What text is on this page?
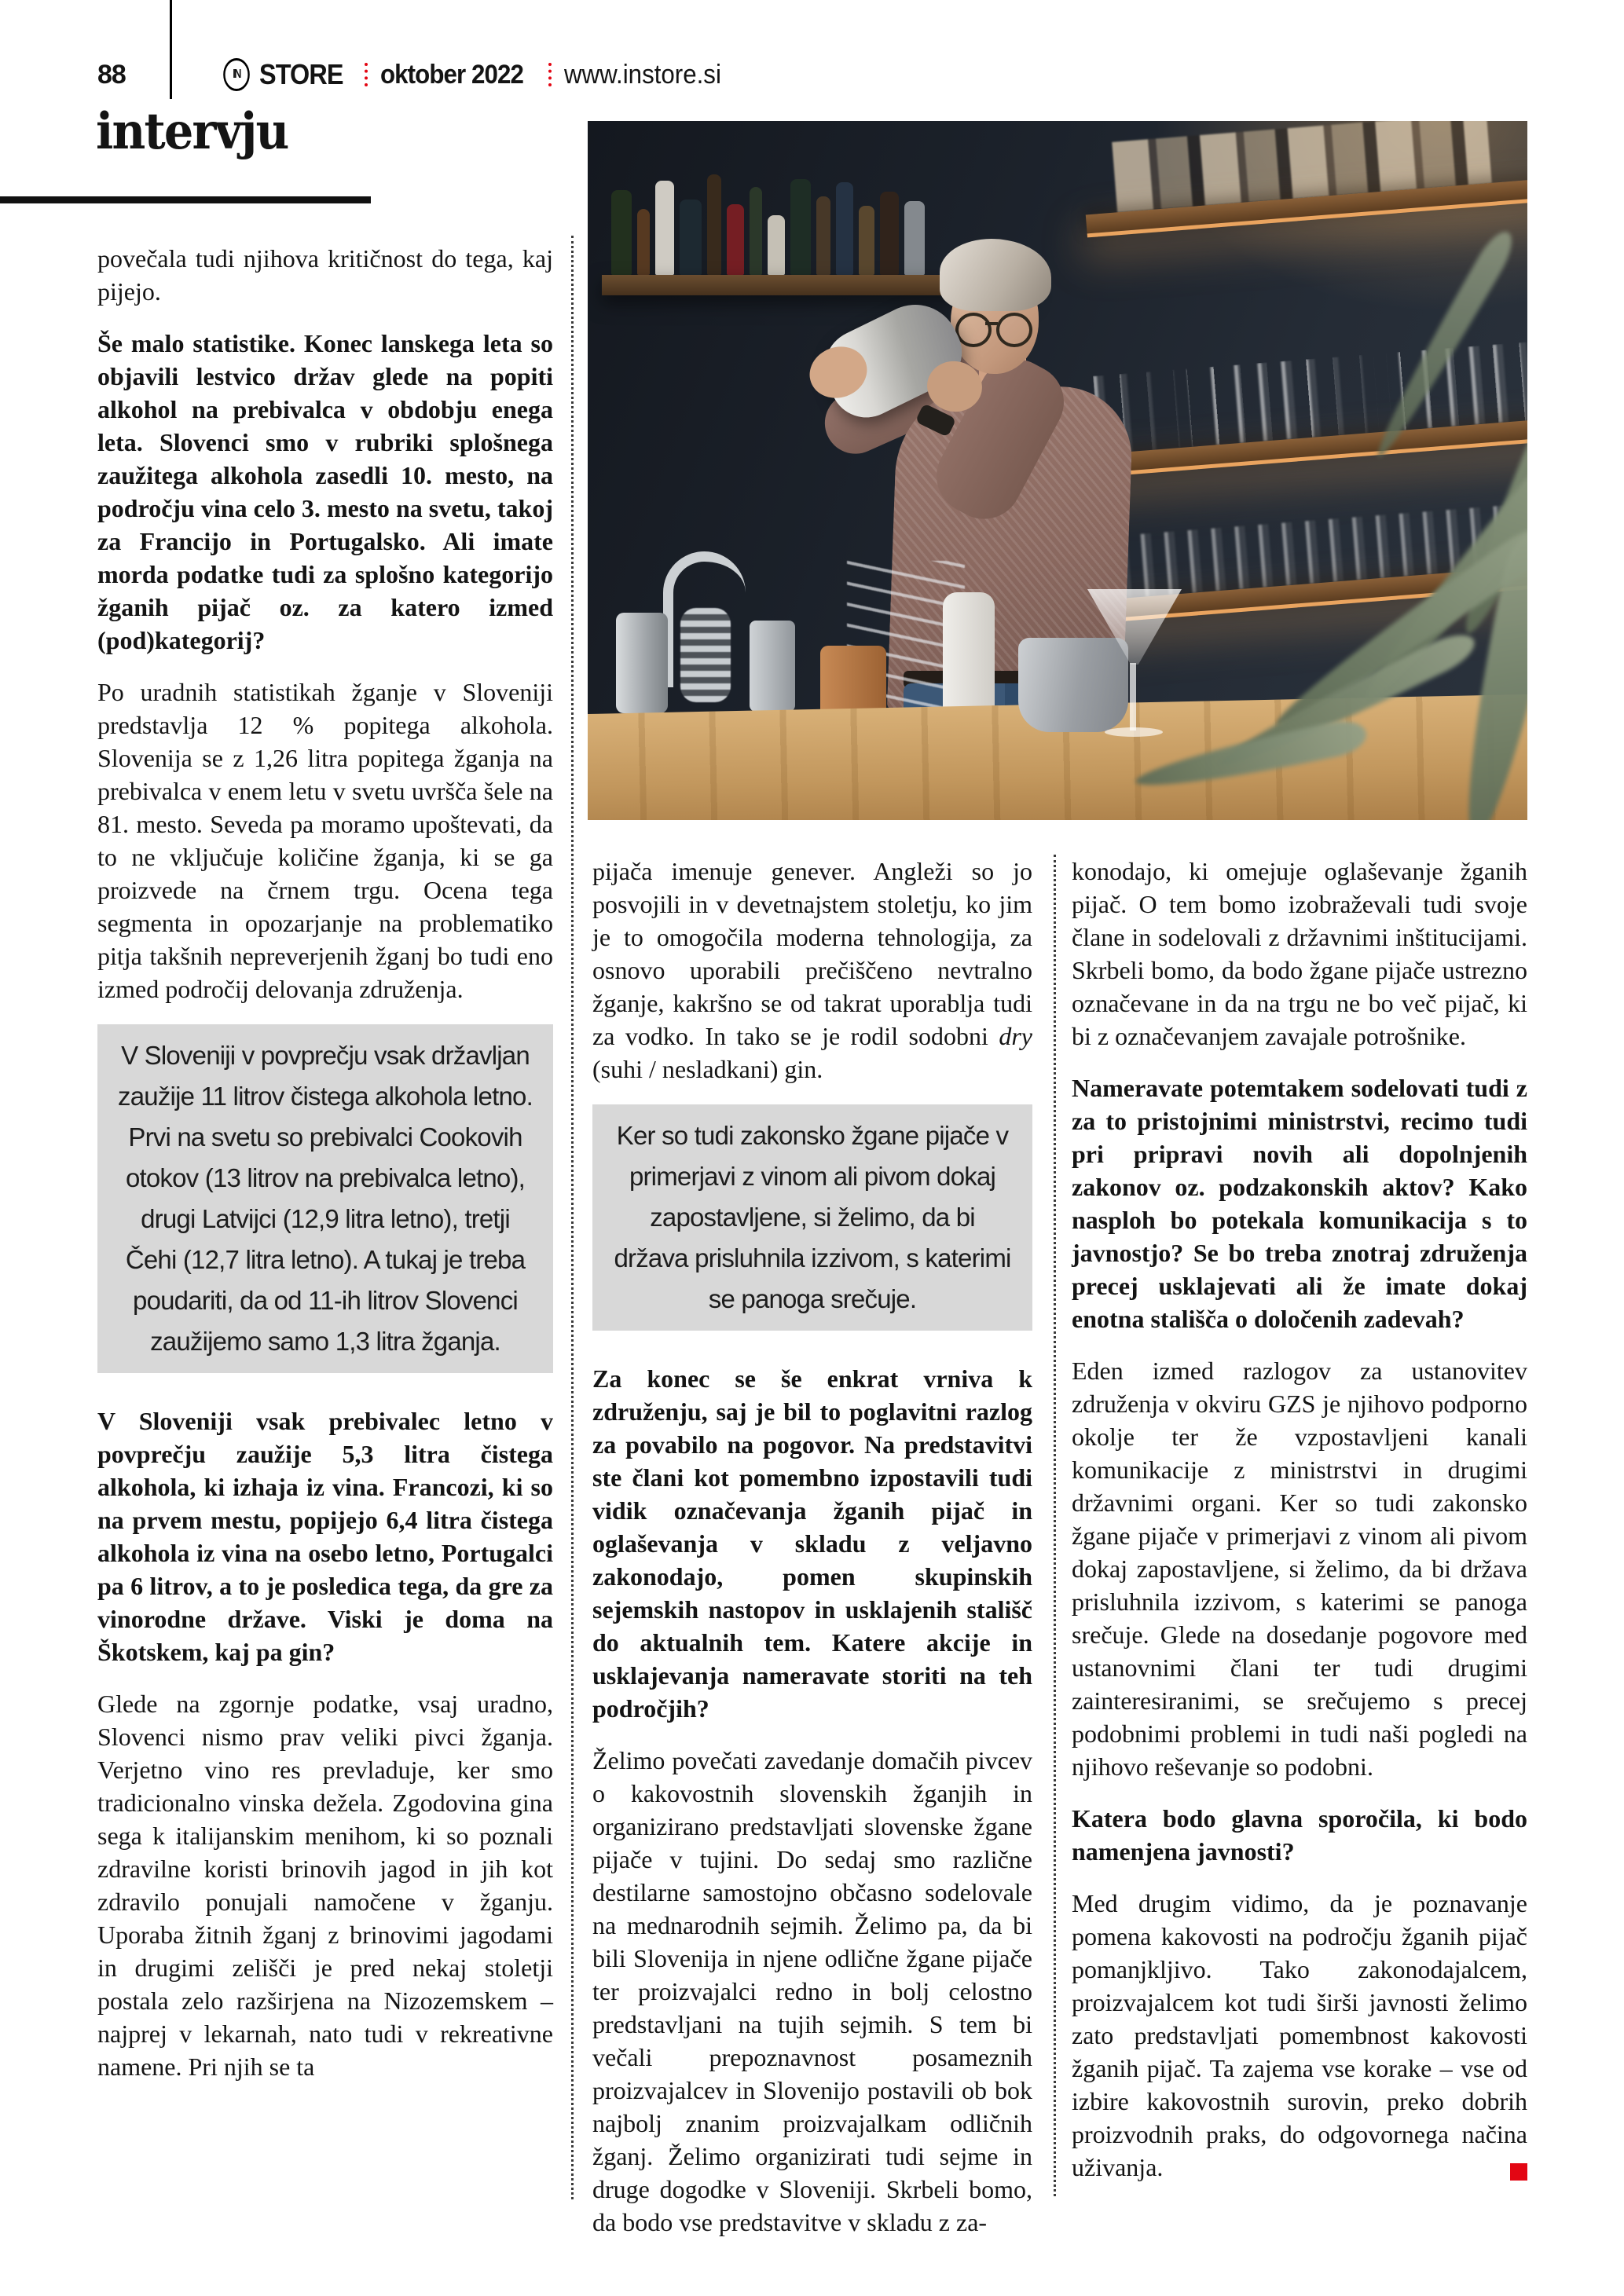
88	IN STORE oktober 2022 www.instore.si
intervju

povečala tudi njihova kritičnost do tega, kaj pijejo.

Še malo statistike. Konec lanskega leta so objavili lestvico držav glede na popiti alkohol na prebivalca v obdobju enega leta. Slovenci smo v rubriki splošnega zaužitega alkohola zasedli 10. mesto, na področju vina celo 3. mesto na svetu, takoj za Francijo in Portugalsko. Ali imate morda podatke tudi za splošno kategorijo žganih pijač oz. za katero izmed (pod)kategorij?

Po uradnih statistikah žganje v Sloveniji predstavlja 12 % popitega alkohola. Slovenija se z 1,26 litra popitega žganja na prebivalca v enem letu v svetu uvršča šele na 81. mesto. Seveda pa moramo upoštevati, da to ne vključuje količine žganja, ki se ga proizvede na črnem trgu. Ocena tega segmenta in opozarjanje na problematiko pitja takšnih nepreverjenih žganj bo tudi eno izmed področij delovanja združenja.

V Sloveniji v povprečju vsak državljan zaužije 11 litrov čistega alkohola letno. Prvi na svetu so prebivalci Cookovih otokov (13 litrov na prebivalca letno), drugi Latvijci (12,9 litra letno), tretji Čehi (12,7 litra letno). A tukaj je treba poudariti, da od 11-ih litrov Slovenci zaužijemo samo 1,3 litra žganja.

V Sloveniji vsak prebivalec letno v povprečju zaužije 5,3 litra čistega alkohola, ki izhaja iz vina. Francozi, ki so na prvem mestu, popijejo 6,4 litra čistega alkohola iz vina na osebo letno, Portugalci pa 6 litrov, a to je posledica tega, da gre za vinorodne države. Viski je doma na Škotskem, kaj pa gin?

Glede na zgornje podatke, vsaj uradno, Slovenci nismo prav veliki pivci žganja. Verjetno vino res prevladuje, ker smo tradicionalno vinska dežela. Zgodovina gina sega k italijanskim menihom, ki so poznali zdravilne koristi brinovih jagod in jih kot zdravilo ponujali namočene v žganju. Uporaba žitnih žganj z brinovimi jagodami in drugimi zelišči je pred nekaj stoletji postala zelo razširjena na Nizozemskem – najprej v lekarnah, nato tudi v rekreativne namene. Pri njih se ta

pijača imenuje genever. Angleži so jo posvojili in v devetnajstem stoletju, ko jim je to omogočila moderna tehnologija, za osnovo uporabili prečiščeno nevtralno žganje, kakršno se od takrat uporablja tudi za vodko. In tako se je rodil sodobni dry (suhi / nesladkani) gin.

Ker so tudi zakonsko žgane pijače v primerjavi z vinom ali pivom dokaj zapostavljene, si želimo, da bi država prisluhnila izzivom, s katerimi se panoga srečuje.

Za konec se še enkrat vrniva k združenju, saj je bil to poglavitni razlog za povabilo na pogovor. Na predstavitvi ste člani kot pomembno izpostavili tudi vidik označevanja žganih pijač in oglaševanja v skladu z veljavno zakonodajo, pomen skupinskih sejemskih nastopov in usklajenih stališč do aktualnih tem. Katere akcije in usklajevanja nameravate storiti na teh področjih?

Želimo povečati zavedanje domačih pivcev o kakovostnih slovenskih žganjih in organizirano predstavljati slovenske žgane pijače v tujini. Do sedaj smo različne destilarne samostojno občasno sodelovale na mednarodnih sejmih. Želimo pa, da bi bili Slovenija in njene odlične žgane pijače ter proizvajalci redno in bolj celostno predstavljani na tujih sejmih. S tem bi večali prepoznavnost posameznih proizvajalcev in Slovenijo postavili ob bok najbolj znanim proizvajalkam odličnih žganj. Želimo organizirati tudi sejme in druge dogodke v Sloveniji. Skrbeli bomo, da bodo vse predstavitve v skladu z za-

konodajo, ki omejuje oglaševanje žganih pijač. O tem bomo izobraževali tudi svoje člane in sodelovali z državnimi inštitucijami. Skrbeli bomo, da bodo žgane pijače ustrezno označevane in da na trgu ne bo več pijač, ki bi z označevanjem zavajale potrošnike.

Nameravate potemtakem sodelovati tudi z za to pristojnimi ministrstvi, recimo tudi pri pripravi novih ali dopolnjenih zakonov oz. podzakonskih aktov? Kako nasploh bo potekala komunikacija s to javnostjo? Se bo treba znotraj združenja precej usklajevati ali že imate dokaj enotna stališča o določenih zadevah?

Eden izmed razlogov za ustanovitev združenja v okviru GZS je njihovo podporno okolje ter že vzpostavljeni kanali komunikacije z ministrstvi in drugimi državnimi organi. Ker so tudi zakonsko žgane pijače v primerjavi z vinom ali pivom dokaj zapostavljene, si želimo, da bi država prisluhnila izzivom, s katerimi se panoga srečuje. Glede na dosedanje pogovore med ustanovnimi člani ter tudi drugimi zainteresiranimi, se srečujemo s precej podobnimi problemi in tudi naši pogledi na njihovo reševanje so podobni.

Katera bodo glavna sporočila, ki bodo namenjena javnosti?

Med drugim vidimo, da je poznavanje pomena kakovosti na področju žganih pijač pomanjkljivo. Tako zakonodajalcem, proizvajalcem kot tudi širši javnosti želimo zato predstavljati pomembnost kakovosti žganih pijač. Ta zajema vse korake – vse od izbire kakovostnih surovin, preko dobrih proizvodnih praks, do odgovornega načina uživanja.
